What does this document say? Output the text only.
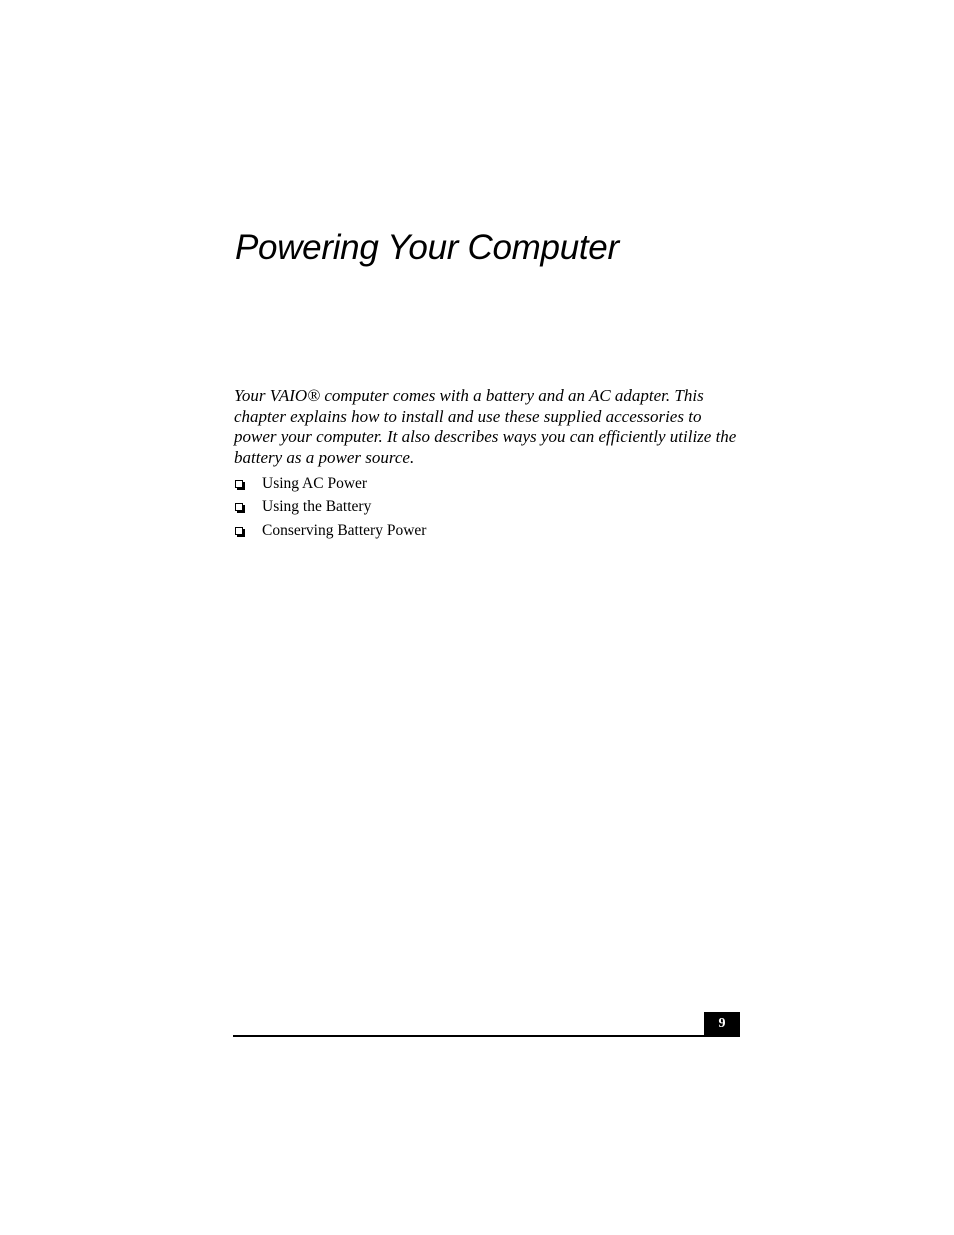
Powering Your Computer

Your VAIO® computer comes with a battery and an AC adapter. This chapter explains how to install and use these supplied accessories to power your computer. It also describes ways you can efficiently utilize the battery as a power source.

Using AC Power
Using the Battery
Conserving Battery Power
9
